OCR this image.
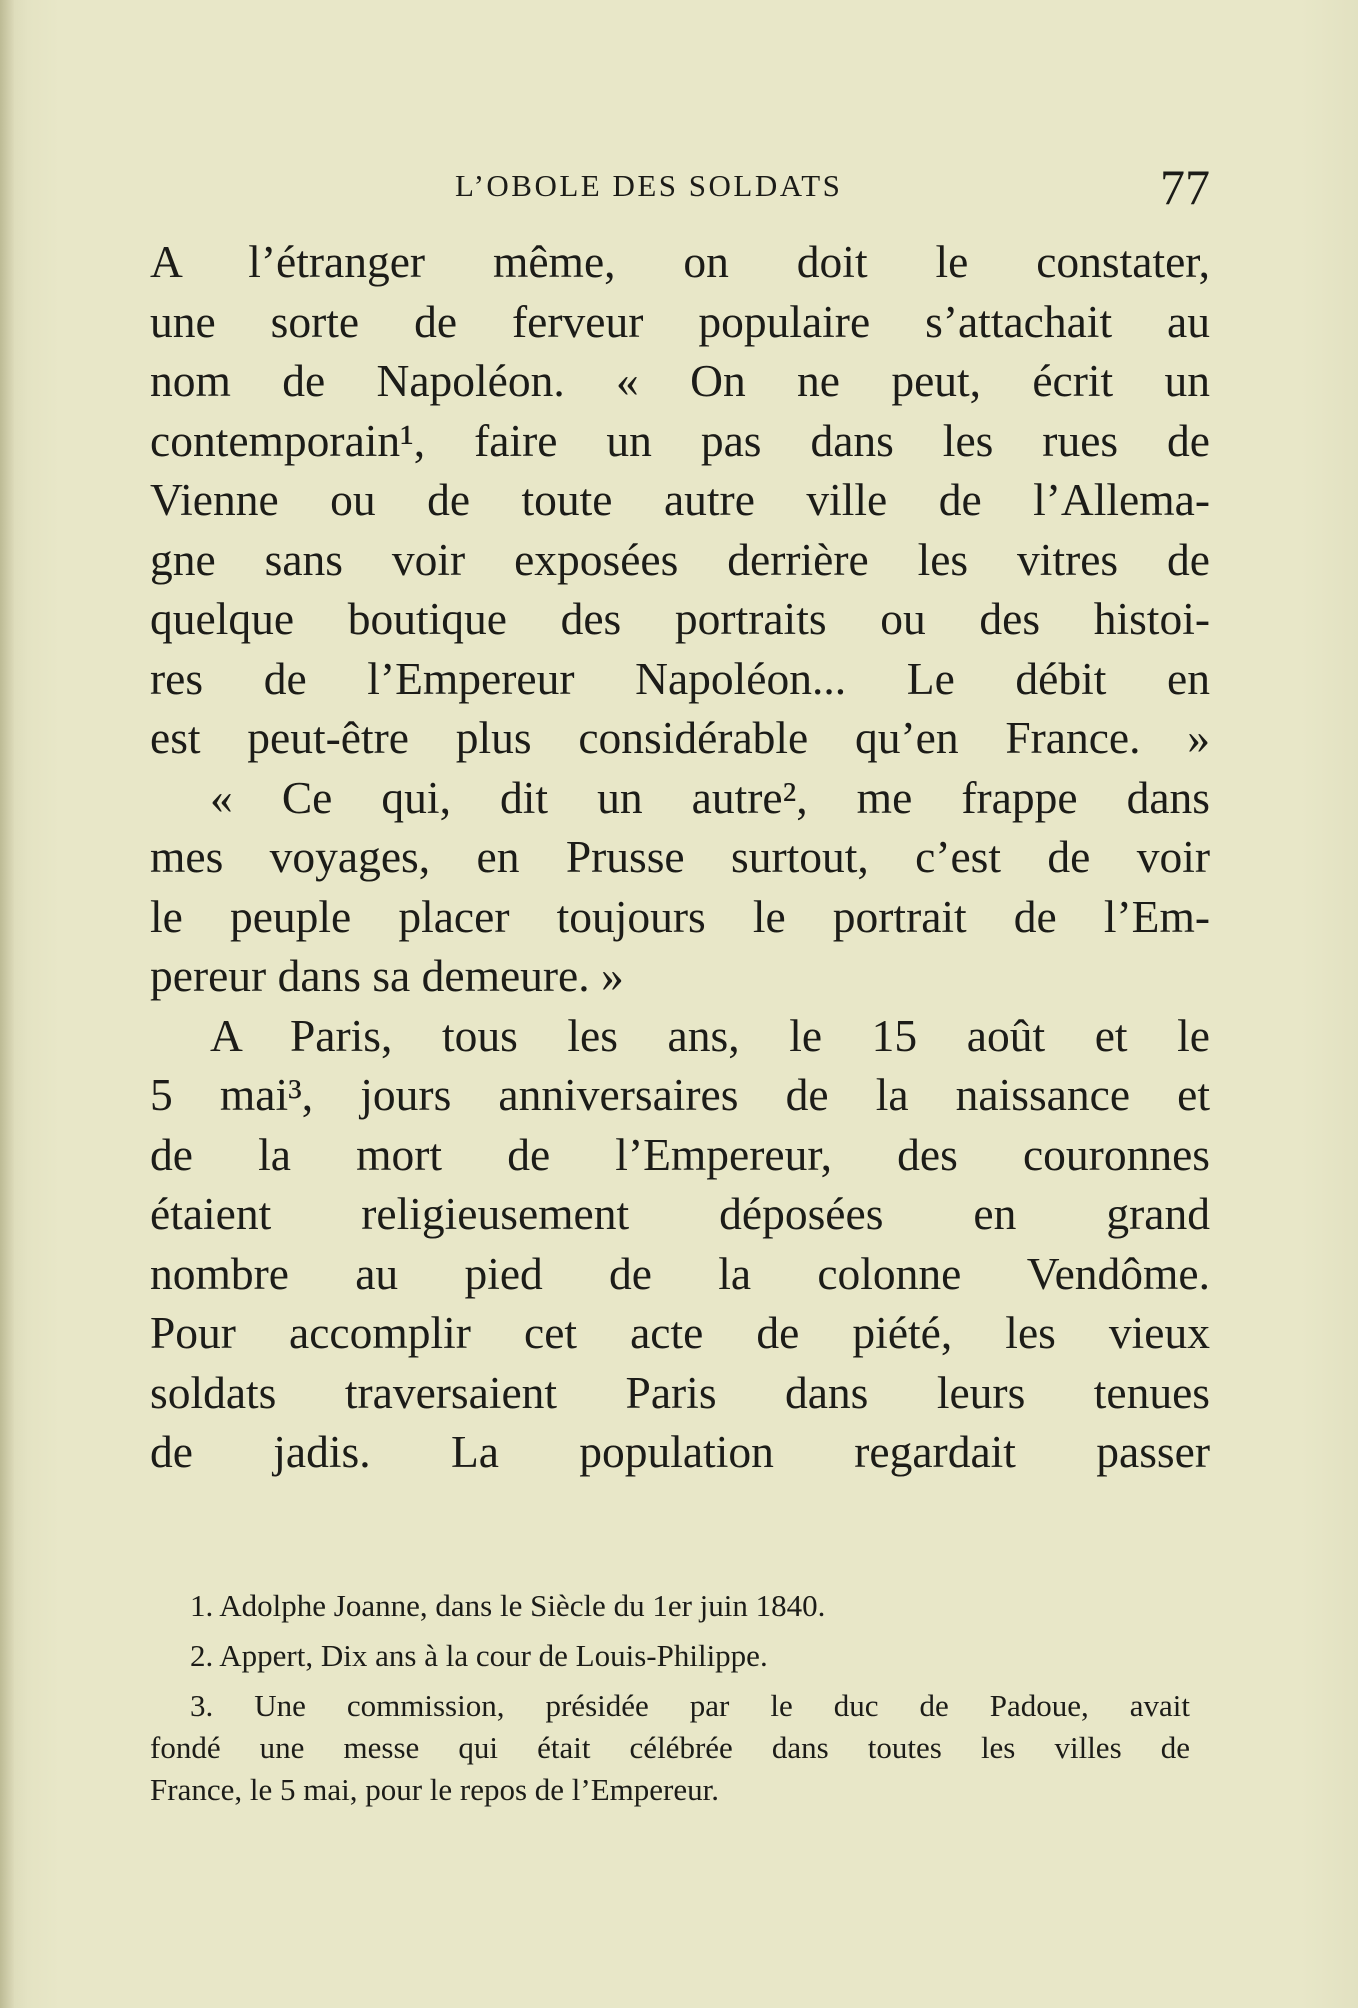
L’OBOLE DES SOLDATS	77
A l’étranger même, on doit le constater,
une sorte de ferveur populaire s’attachait au
nom de Napoléon. « On ne peut, écrit un
contemporain¹, faire un pas dans les rues de
Vienne ou de toute autre ville de l’Allema-
gne sans voir exposées derrière les vitres de
quelque boutique des portraits ou des histoi-
res de l’Empereur Napoléon... Le débit en
est peut-être plus considérable qu’en France. »
« Ce qui, dit un autre², me frappe dans
mes voyages, en Prusse surtout, c’est de voir
le peuple placer toujours le portrait de l’Em-
pereur dans sa demeure. »
A Paris, tous les ans, le 15 août et le
5 mai³, jours anniversaires de la naissance et
de la mort de l’Empereur, des couronnes
étaient religieusement déposées en grand
nombre au pied de la colonne Vendôme.
Pour accomplir cet acte de piété, les vieux
soldats traversaient Paris dans leurs tenues
de jadis. La population regardait passer
1. Adolphe Joanne, dans le Siècle du 1er juin 1840.
2. Appert, Dix ans à la cour de Louis-Philippe.
3. Une commission, présidée par le duc de Padoue, avait
fondé une messe qui était célébrée dans toutes les villes de
France, le 5 mai, pour le repos de l’Empereur.
